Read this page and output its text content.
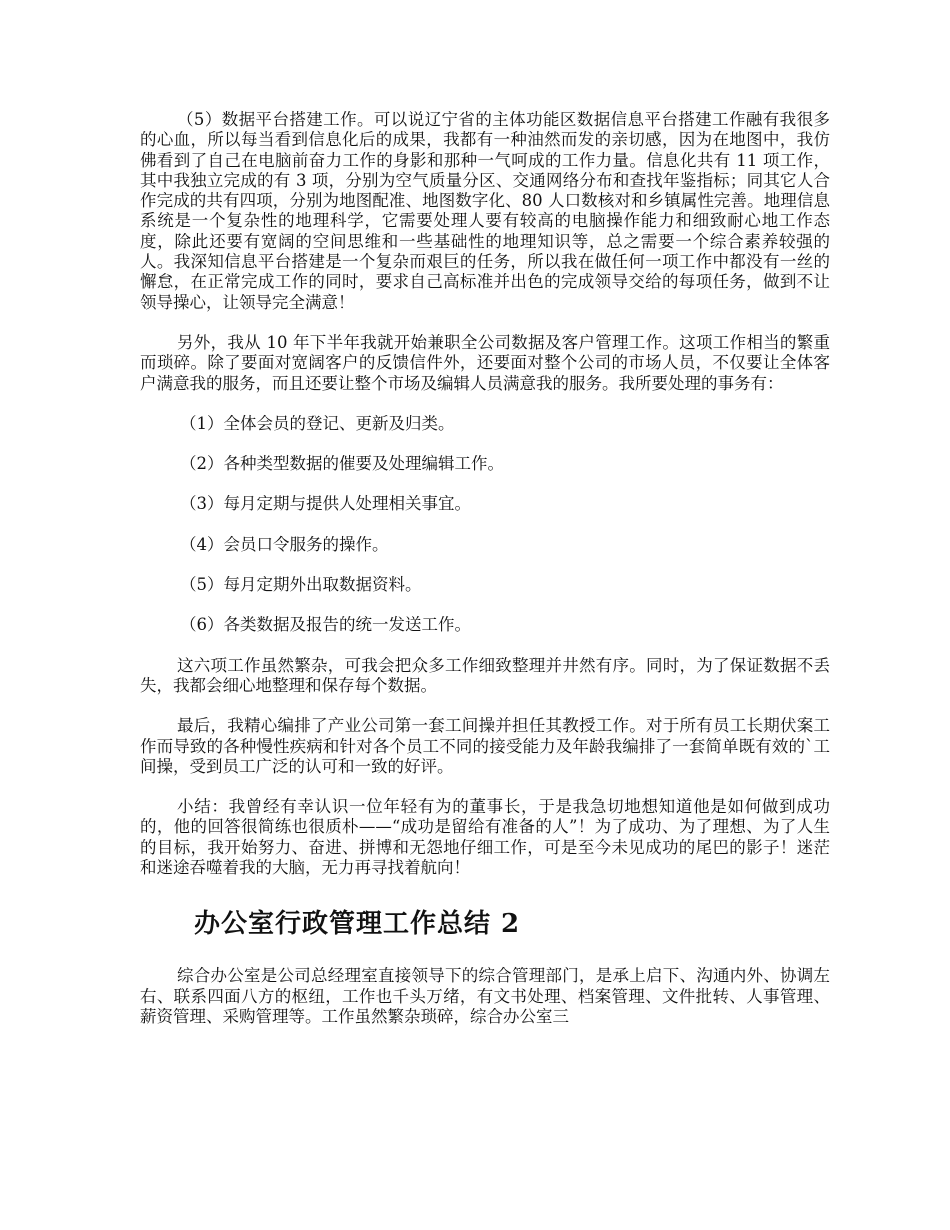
（5）数据平台搭建工作。可以说辽宁省的主体功能区数据信息平台搭建工作融有我很多的心血，所以每当看到信息化后的成果，我都有一种油然而发的亲切感，因为在地图中，我仿佛看到了自己在电脑前奋力工作的身影和那种一气呵成的工作力量。信息化共有 11 项工作，其中我独立完成的有 3 项，分别为空气质量分区、交通网络分布和查找年鉴指标；同其它人合作完成的共有四项，分别为地图配准、地图数字化、80 人口数核对和乡镇属性完善。地理信息系统是一个复杂性的地理科学，它需要处理人要有较高的电脑操作能力和细致耐心地工作态度，除此还要有宽阔的空间思维和一些基础性的地理知识等，总之需要一个综合素养较强的人。我深知信息平台搭建是一个复杂而艰巨的任务，所以我在做任何一项工作中都没有一丝的懈怠，在正常完成工作的同时，要求自己高标准并出色的完成领导交给的每项任务，做到不让领导操心，让领导完全满意！

另外，我从 10 年下半年我就开始兼职全公司数据及客户管理工作。这项工作相当的繁重而琐碎。除了要面对宽阔客户的反馈信件外，还要面对整个公司的市场人员，不仅要让全体客户满意我的服务，而且还要让整个市场及编辑人员满意我的服务。我所要处理的事务有：

（1）全体会员的登记、更新及归类。

（2）各种类型数据的催要及处理编辑工作。

（3）每月定期与提供人处理相关事宜。

（4）会员口令服务的操作。

（5）每月定期外出取数据资料。

（6）各类数据及报告的统一发送工作。

这六项工作虽然繁杂，可我会把众多工作细致整理并井然有序。同时，为了保证数据不丢失，我都会细心地整理和保存每个数据。

最后，我精心编排了产业公司第一套工间操并担任其教授工作。对于所有员工长期伏案工作而导致的各种慢性疾病和针对各个员工不同的接受能力及年龄我编排了一套简单既有效的`工间操，受到员工广泛的认可和一致的好评。

小结：我曾经有幸认识一位年轻有为的董事长，于是我急切地想知道他是如何做到成功的，他的回答很简练也很质朴——“成功是留给有准备的人”！为了成功、为了理想、为了人生的目标，我开始努力、奋进、拼博和无怨地仔细工作，可是至今未见成功的尾巴的影子！迷茫和迷途吞噬着我的大脑，无力再寻找着航向！

办公室行政管理工作总结 2

综合办公室是公司总经理室直接领导下的综合管理部门，是承上启下、沟通内外、协调左右、联系四面八方的枢纽，工作也千头万绪，有文书处理、档案管理、文件批转、人事管理、薪资管理、采购管理等。工作虽然繁杂琐碎，综合办公室三
